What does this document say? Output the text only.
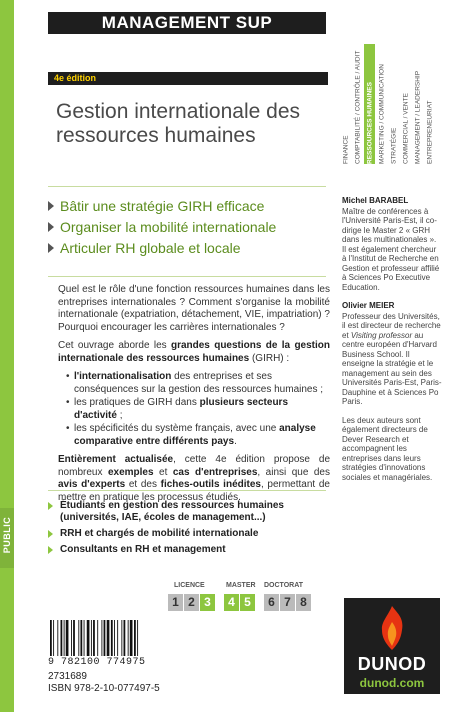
PUBLIC
MANAGEMENT SUP
FINANCE COMPTABILITÉ / CONTRÔLE / AUDIT RESSOURCES HUMAINES MARKETING / COMMUNICATION STRATÉGIE COMMERCIAL / VENTE MANAGEMENT / LEADERSHIP ENTREPRENEURIAT
4e édition
Gestion internationale des ressources humaines
Bâtir une stratégie GIRH efficace
Organiser la mobilité internationale
Articuler RH globale et locale

Quel est le rôle d'une fonction ressources humaines dans les entreprises internationales ? Comment s'organise la mobilité internationale (expatriation, détachement, VIE, impatriation) ? Pourquoi encourager les carrières internationales ?

Cet ouvrage aborde les grandes questions de la gestion internationale des ressources humaines (GIRH) :

• l'internationalisation des entreprises et ses conséquences sur la gestion des ressources humaines ;
• les pratiques de GIRH dans plusieurs secteurs d'activité ;
• les spécificités du système français, avec une analyse comparative entre différents pays.

Entièrement actualisée, cette 4e édition propose de nombreux exemples et cas d'entreprises, ainsi que des avis d'experts et des fiches-outils inédites, permettant de mettre en pratique les processus étudiés.

Étudiants en gestion des ressources humaines (universités, IAE, écoles de management...)
RRH et chargés de mobilité internationale
Consultants en RH et management
LICENCE	MASTER DOCTORAT
1 2 3	4 5	6 7 8
9 782100 774975
2731689
ISBN 978-2-10-077497-5
Michel BARABEL
Maître de conférences à l'Université Paris-Est, il co-dirige le Master 2 « GRH dans les multinationales ». Il est également chercheur à l'Institut de Recherche en Gestion et professeur affilié à Sciences Po Executive Education.
Olivier MEIER
Professeur des Universités, il est directeur de recherche et Visiting professor au centre européen d'Harvard Business School. Il enseigne la stratégie et le management au sein des Universités Paris-Est, Paris-Dauphine et à Sciences Po Paris.
Les deux auteurs sont également directeurs de Dever Research et accompagnent les entreprises dans leurs stratégies d'innovations sociales et managériales.
DUNOD
dunod.com
